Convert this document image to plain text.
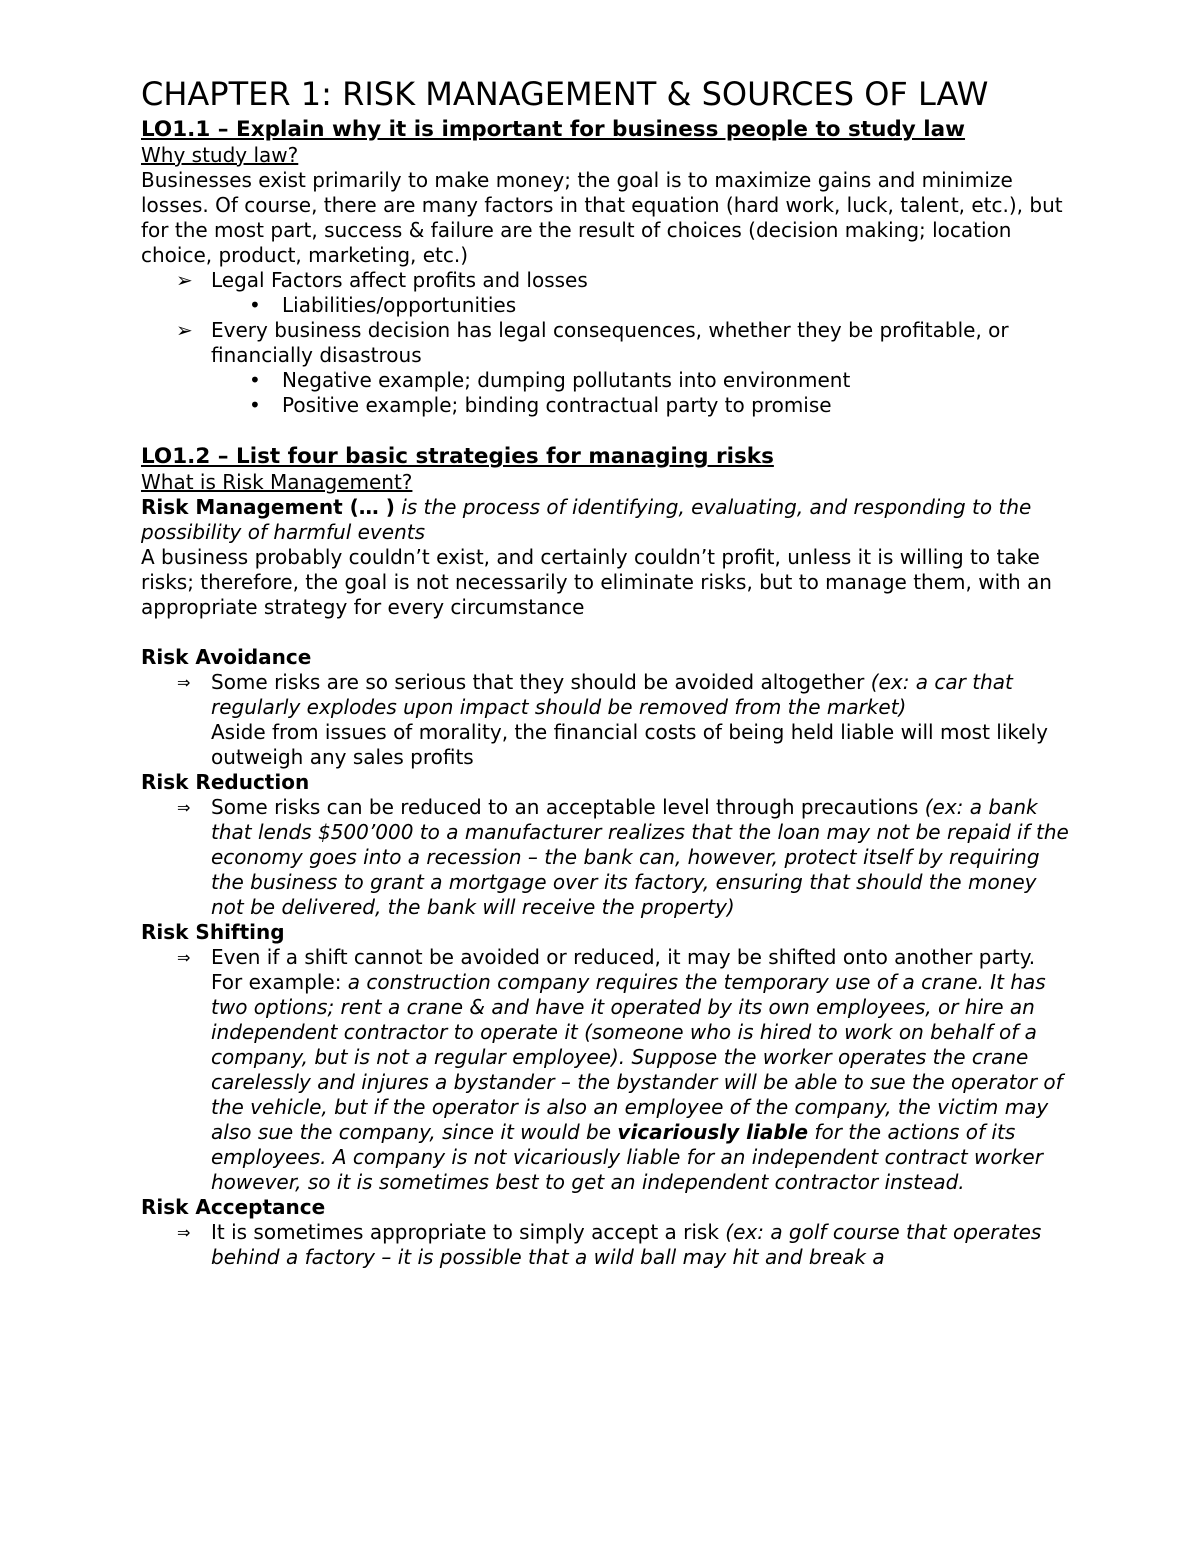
CHAPTER 1: RISK MANAGEMENT & SOURCES OF LAW
LO1.1 – Explain why it is important for business people to study law

Why study law?

Businesses exist primarily to make money; the goal is to maximize gains and minimize losses. Of course, there are many factors in that equation (hard work, luck, talent, etc.), but for the most part, success & failure are the result of choices (decision making; location choice, product, marketing, etc.)

➢ Legal Factors affect profits and losses
• Liabilities/opportunities
➢ Every business decision has legal consequences, whether they be profitable, or financially disastrous
• Negative example; dumping pollutants into environment
• Positive example; binding contractual party to promise
LO1.2 – List four basic strategies for managing risks

What is Risk Management?

Risk Management (… ) is the process of identifying, evaluating, and responding to the possibility of harmful events

A business probably couldn’t exist, and certainly couldn’t profit, unless it is willing to take risks; therefore, the goal is not necessarily to eliminate risks, but to manage them, with an appropriate strategy for every circumstance

Risk Avoidance

⇒ Some risks are so serious that they should be avoided altogether (ex: a car that regularly explodes upon impact should be removed from the market)
Aside from issues of morality, the financial costs of being held liable will most likely outweigh any sales profits

Risk Reduction

⇒ Some risks can be reduced to an acceptable level through precautions (ex: a bank that lends $500’000 to a manufacturer realizes that the loan may not be repaid if the economy goes into a recession – the bank can, however, protect itself by requiring the business to grant a mortgage over its factory, ensuring that should the money not be delivered, the bank will receive the property)

Risk Shifting

⇒ Even if a shift cannot be avoided or reduced, it may be shifted onto another party. For example: a construction company requires the temporary use of a crane. It has two options; rent a crane & and have it operated by its own employees, or hire an independent contractor to operate it (someone who is hired to work on behalf of a company, but is not a regular employee). Suppose the worker operates the crane carelessly and injures a bystander – the bystander will be able to sue the operator of the vehicle, but if the operator is also an employee of the company, the victim may also sue the company, since it would be vicariously liable for the actions of its employees. A company is not vicariously liable for an independent contract worker however, so it is sometimes best to get an independent contractor instead.

Risk Acceptance

⇒ It is sometimes appropriate to simply accept a risk (ex: a golf course that operates behind a factory – it is possible that a wild ball may hit and break a
